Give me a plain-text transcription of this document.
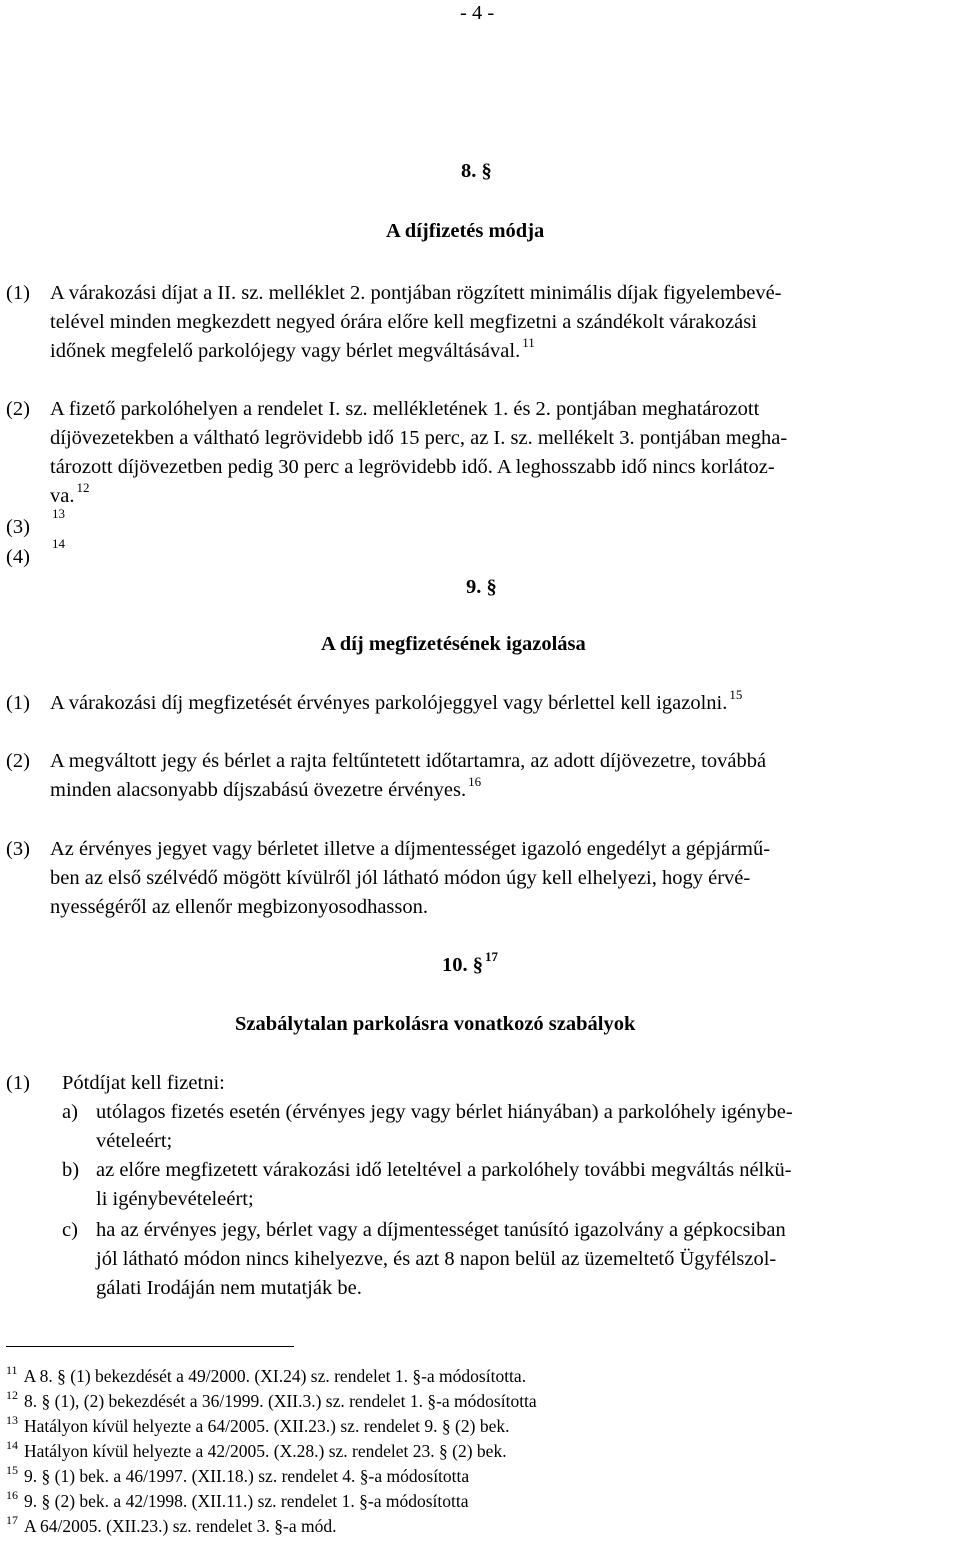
- 4 -
8. §
A díjfizetés módja
(1) A várakozási díjat a II. sz. melléklet 2. pontjában rögzített minimális díjak figyelembevé-
telével minden megkezdett negyed órára előre kell megfizetni a szándékolt várakozási
időnek megfelelő parkolójegy vagy bérlet megváltásával. $^{11}$
(2) A fizető parkolóhelyen a rendelet I. sz. mellékletének 1. és 2. pontjában meghatározott
díjövezetekben a váltható legrövidebb idő 15 perc, az I. sz. mellékelt 3. pontjában megha-
tározott díjövezetben pedig 30 perc a legrövidebb idő. A leghosszabb idő nincs korlátoz-
va. $^{12}$
(3)
13
(4)
14
9. §
A díj megfizetésének igazolása
(1) A várakozási díj megfizetését érvényes parkolójeggyel vagy bérlettel kell igazolni. $^{15}$
(2) A megváltott jegy és bérlet a rajta feltűntetett időtartamra, az adott díjövezetre, továbbá
minden alacsonyabb díjszabású övezetre érvényes. $^{16}$
(3) Az érvényes jegyet vagy bérletet illetve a díjmentességet igazoló engedélyt a gépjármű-
ben az első szélvédő mögött kívülről jól látható módon úgy kell elhelyezi, hogy érvé-
nyességéről az ellenőr megbizonyosodhasson.
10. § $^{17}$
Szabálytalan parkolásra vonatkozó szabályok
(1) Pótdíjat kell fizetni:
a) utólagos fizetés esetén (érvényes jegy vagy bérlet hiányában) a parkolóhely igénybe-
vételeért;
b) az előre megfizetett várakozási idő leteltével a parkolóhely további megváltás nélkü-
li igénybevételeért;
c) ha az érvényes jegy, bérlet vagy a díjmentességet tanúsító igazolvány a gépkocsiban
jól látható módon nincs kihelyezve, és azt 8 napon belül az üzemeltető Ügyfélszol-
gálati Irodáján nem mutatják be.
$^{11}$ A 8. § (1) bekezdését a 49/2000. (XI.24) sz. rendelet 1. §-a módosította.
$^{12}$ 8. § (1), (2) bekezdését a 36/1999. (XII.3.) sz. rendelet 1. §-a módosította
$^{13}$ Hatályon kívül helyezte a 64/2005. (XII.23.) sz. rendelet 9. § (2) bek.
$^{14}$ Hatályon kívül helyezte a 42/2005. (X.28.) sz. rendelet 23. § (2) bek.
$^{15}$ 9. § (1) bek. a 46/1997. (XII.18.) sz. rendelet 4. §-a módosította
$^{16}$ 9. § (2) bek. a 42/1998. (XII.11.) sz. rendelet 1. §-a módosította
$^{17}$ A 64/2005. (XII.23.) sz. rendelet 3. §-a mód.
